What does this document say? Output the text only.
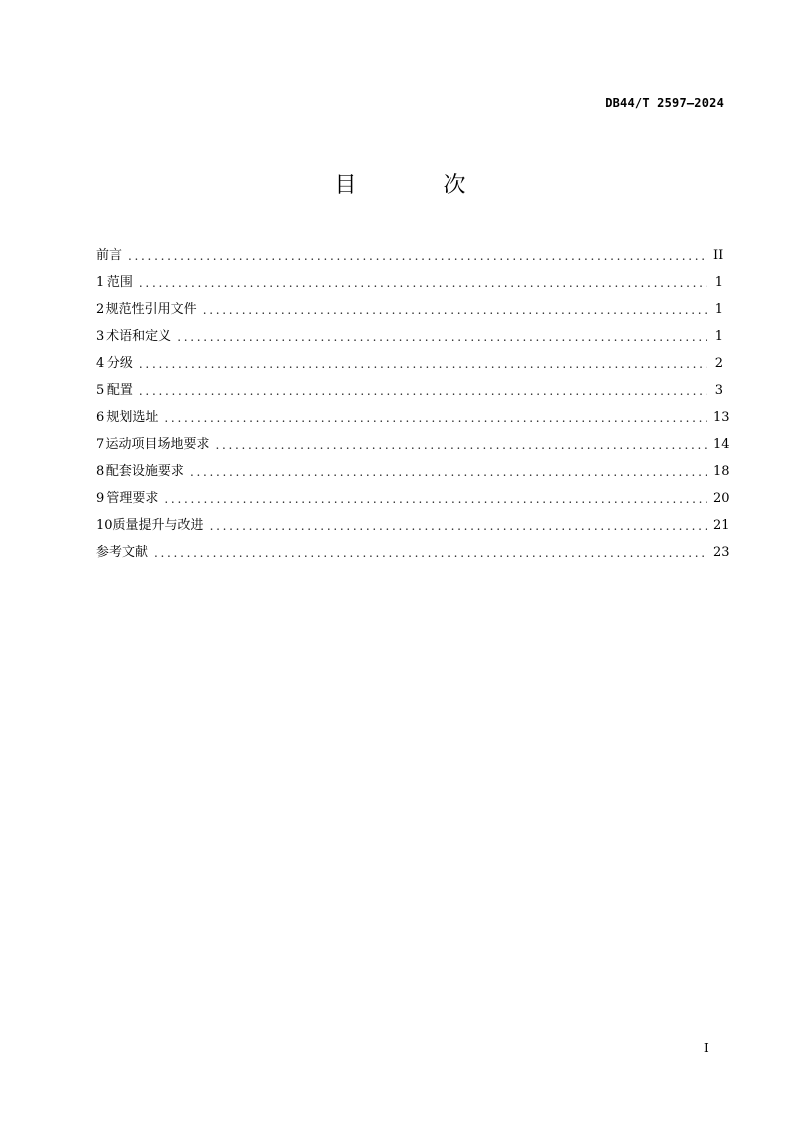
DB44/T 2597—2024
目 次
前言 .....	II
1 范围 .....	1
2 规范性引用文件 .....	1
3 术语和定义 .....	1
4 分级 .....	2
5 配置 .....	3
6 规划选址 .....	13
7 运动项目场地要求 .....	14
8 配套设施要求 .....	18
9 管理要求 .....	20
10 质量提升与改进 .....	21
参考文献 .....	23
I
